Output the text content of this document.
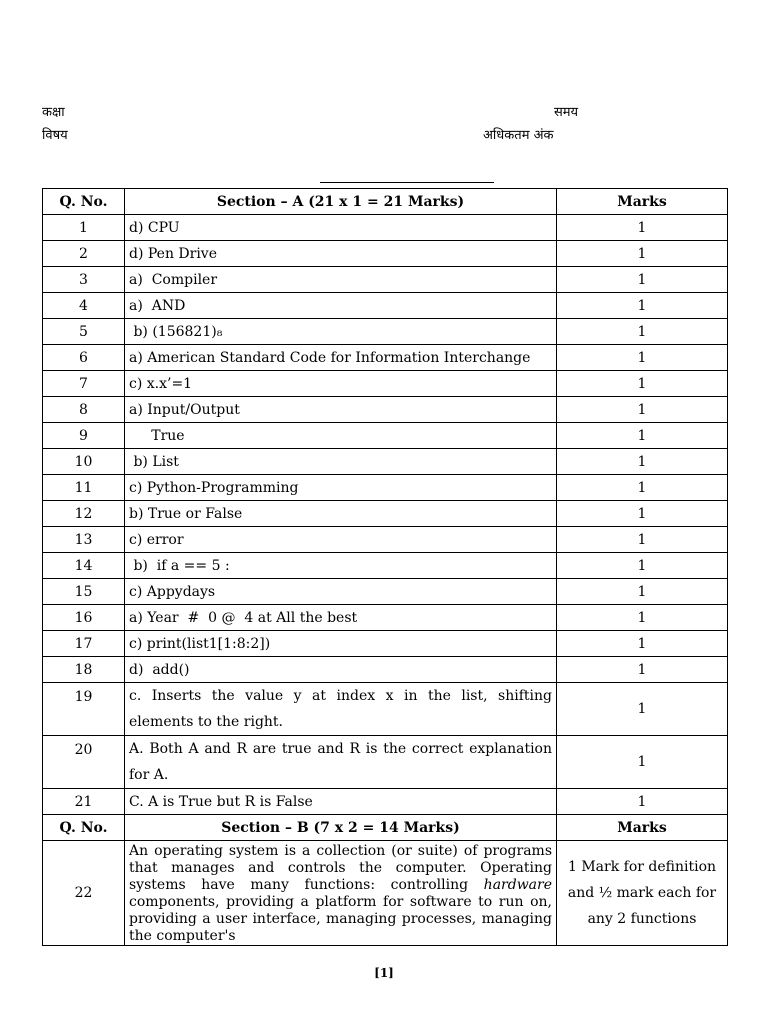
कक्षा	समय
विषय	अधिकतम अंक
Q. No.	Section – A (21 x 1 = 21 Marks)	Marks
1	d) CPU	1
2	d) Pen Drive	1
3	a)  Compiler	1
4	a)  AND	1
5	b) (156821)₈	1
6	a) American Standard Code for Information Interchange	1
7	c) x.x’=1	1
8	a) Input/Output	1
9	True	1
10	b) List	1
11	c) Python-Programming	1
12	b) True or False	1
13	c) error	1
14	b)  if a == 5 :	1
15	c) Appydays	1
16	a) Year  #  0 @  4 at All the best	1
17	c) print(list1[1:8:2])	1
18	d)  add()	1
19	c. Inserts the value y at index x in the list, shifting elements to the right.	1
20	A. Both A and R are true and R is the correct explanation for A.	1
21	C. A is True but R is False	1
Q. No.	Section – B (7 x 2 = 14 Marks)	Marks
22	An operating system is a collection (or suite) of programs that manages and controls the computer. Operating systems have many functions: controlling hardware components, providing a platform for software to run on, providing a user interface, managing processes, managing the computer's	1 Mark for definition and ½ mark each for any 2 functions
[1]
